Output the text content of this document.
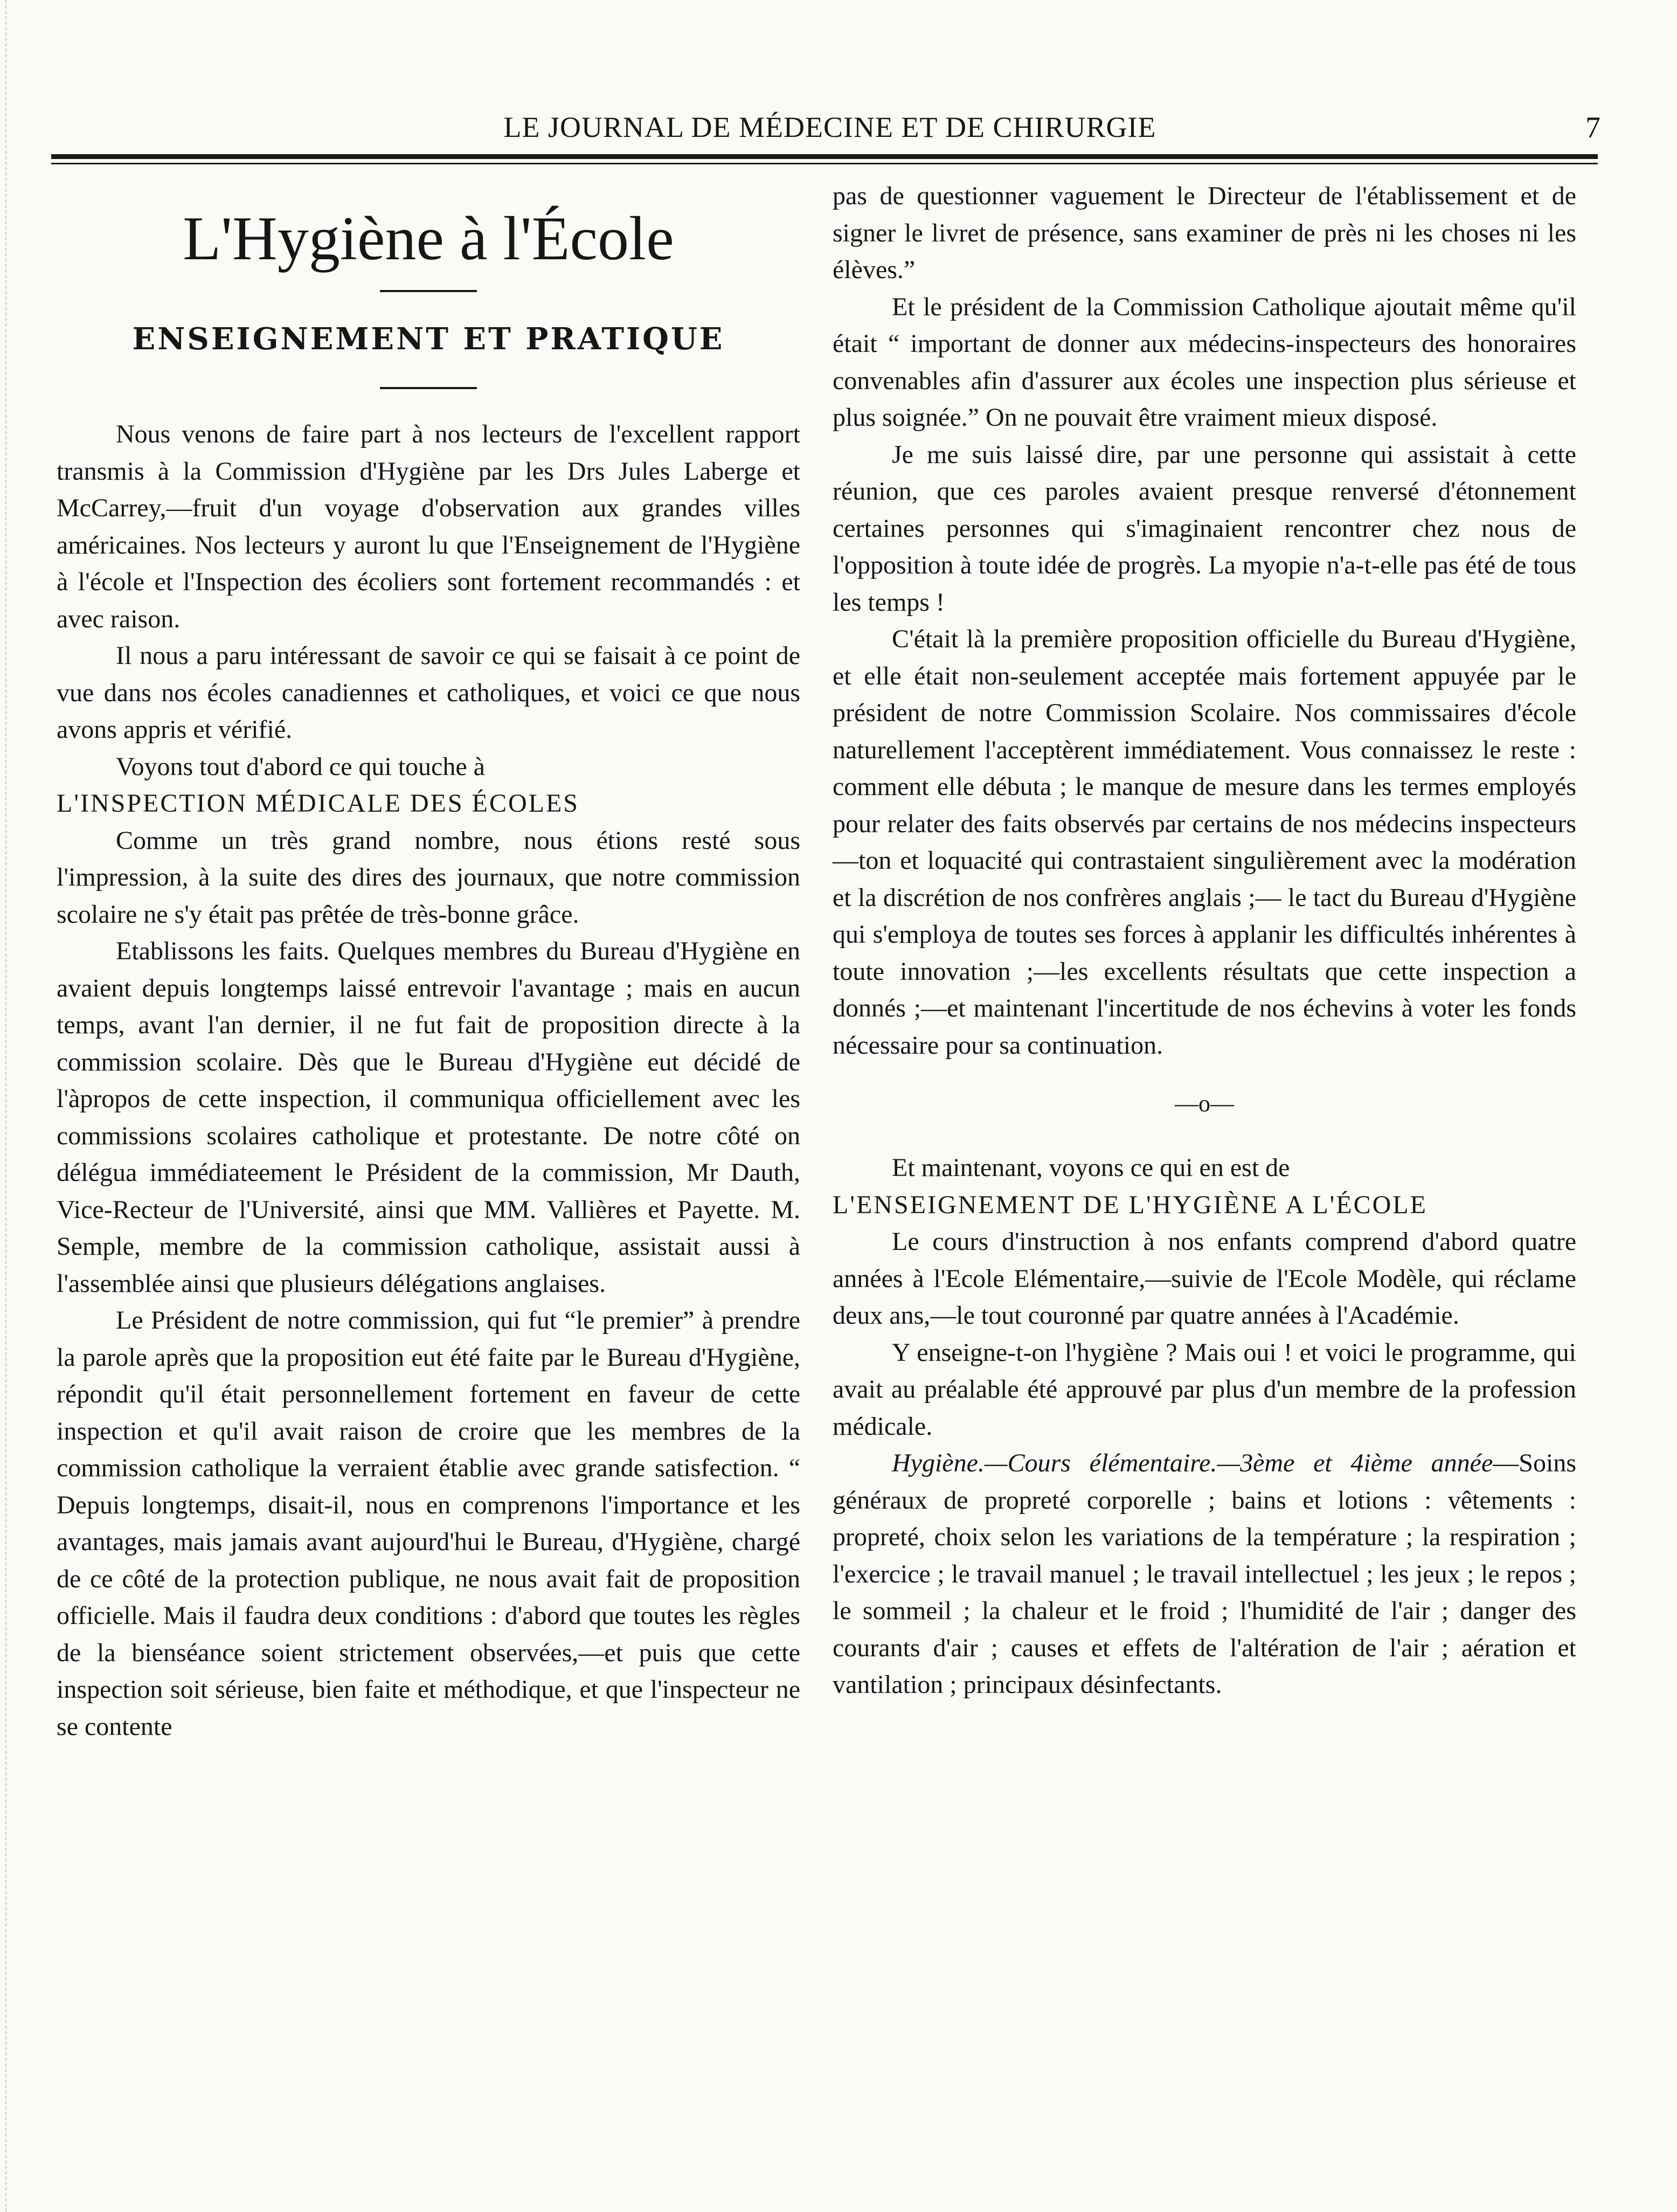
LE JOURNAL DE MÉDECINE ET DE CHIRURGIE	7
L'Hygiène à l'École
ENSEIGNEMENT ET PRATIQUE

Nous venons de faire part à nos lecteurs de l'excellent rapport transmis à la Commission d'Hygiène par les Drs Jules Laberge et McCarrey,—fruit d'un voyage d'observation aux grandes villes américaines. Nos lecteurs y auront lu que l'Enseignement de l'Hygiène à l'école et l'Inspection des écoliers sont fortement recommandés : et avec raison.

Il nous a paru intéressant de savoir ce qui se faisait à ce point de vue dans nos écoles canadiennes et catholiques, et voici ce que nous avons appris et vérifié.

Voyons tout d'abord ce qui touche à

L'INSPECTION MÉDICALE DES ÉCOLES

Comme un très grand nombre, nous étions resté sous l'impression, à la suite des dires des journaux, que notre commission scolaire ne s'y était pas prêtée de très-bonne grâce.

Etablissons les faits. Quelques membres du Bureau d'Hygiène en avaient depuis longtemps laissé entrevoir l'avantage ; mais en aucun temps, avant l'an dernier, il ne fut fait de proposition directe à la commission scolaire. Dès que le Bureau d'Hygiène eut décidé de l'àpropos de cette inspection, il communiqua officiellement avec les commissions scolaires catholique et protestante. De notre côté on délégua immédiateement le Président de la commission, Mr Dauth, Vice-Recteur de l'Université, ainsi que MM. Vallières et Payette. M. Semple, membre de la commission catholique, assistait aussi à l'assemblée ainsi que plusieurs délégations anglaises.

Le Président de notre commission, qui fut “le premier” à prendre la parole après que la proposition eut été faite par le Bureau d'Hygiène, répondit qu'il était personnellement fortement en faveur de cette inspection et qu'il avait raison de croire que les membres de la commission catholique la verraient établie avec grande satisfection. “ Depuis longtemps, disait-il, nous en comprenons l'importance et les avantages, mais jamais avant aujourd'hui le Bureau, d'Hygiène, chargé de ce côté de la protection publique, ne nous avait fait de proposition officielle. Mais il faudra deux conditions : d'abord que toutes les règles de la bienséance soient strictement observées,—et puis que cette inspection soit sérieuse, bien faite et méthodique, et que l'inspecteur ne se contente

pas de questionner vaguement le Directeur de l'établissement et de signer le livret de présence, sans examiner de près ni les choses ni les élèves.”

Et le président de la Commission Catholique ajoutait même qu'il était “ important de donner aux médecins-inspecteurs des honoraires convenables afin d'assurer aux écoles une inspection plus sérieuse et plus soignée.” On ne pouvait être vraiment mieux disposé.

Je me suis laissé dire, par une personne qui assistait à cette réunion, que ces paroles avaient presque renversé d'étonnement certaines personnes qui s'imaginaient rencontrer chez nous de l'opposition à toute idée de progrès. La myopie n'a-t-elle pas été de tous les temps !

C'était là la première proposition officielle du Bureau d'Hygiène, et elle était non-seulement acceptée mais fortement appuyée par le président de notre Commission Scolaire. Nos commissaires d'école naturellement l'acceptèrent immédiatement. Vous connaissez le reste : comment elle débuta ; le manque de mesure dans les termes employés pour relater des faits observés par certains de nos médecins inspecteurs—ton et loquacité qui contrastaient singulièrement avec la modération et la discrétion de nos confrères anglais ;— le tact du Bureau d'Hygiène qui s'employa de toutes ses forces à applanir les difficultés inhérentes à toute innovation ;—les excellents résultats que cette inspection a donnés ;—et maintenant l'incertitude de nos échevins à voter les fonds nécessaire pour sa continuation.

—o—

Et maintenant, voyons ce qui en est de

L'ENSEIGNEMENT DE L'HYGIÈNE A L'ÉCOLE

Le cours d'instruction à nos enfants comprend d'abord quatre années à l'Ecole Elémentaire,—suivie de l'Ecole Modèle, qui réclame deux ans,—le tout couronné par quatre années à l'Académie.

Y enseigne-t-on l'hygiène ? Mais oui ! et voici le programme, qui avait au préalable été approuvé par plus d'un membre de la profession médicale.

Hygiène.—Cours élémentaire.—3ème et 4ième année—Soins généraux de propreté corporelle ; bains et lotions : vêtements : propreté, choix selon les variations de la température ; la respiration ; l'exercice ; le travail manuel ; le travail intellectuel ; les jeux ; le repos ; le sommeil ; la chaleur et le froid ; l'humidité de l'air ; danger des courants d'air ; causes et effets de l'altération de l'air ; aération et vantilation ; principaux désinfectants.
